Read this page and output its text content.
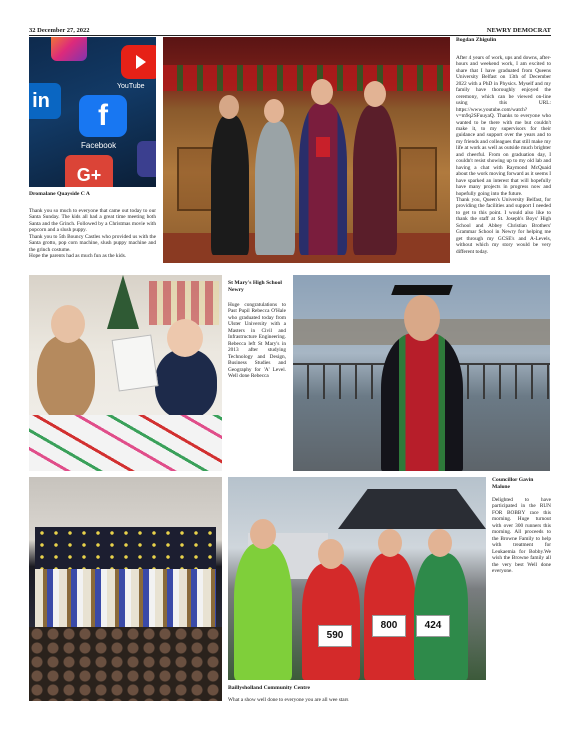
32 December 27, 2022	NEWRY DEMOCRAT
YouTube
in	f
Facebook
G+
Dromalane Quayside C A

Thank you so much to everyone that came out today to our Santa Sunday. The kids all had a great time meeting both Santa and the Grinch. Followed by a Christmas movie with popcorn and a slush puppy.

Thank you to 5th Bouncy Castles who provided us with the Santa grotto, pop corn machine, slush puppy machine and the grinch costume.

Hope the parents had as much fun as the kids.

Bogdan Zhigulin

After 4 years of work, ups and downs, after-hours and weekend work, I am excited to share that I have graduated from Queens University Belfast on 13th of December 2022 with a PhD in Physics. Myself and my family have thoroughly enjoyed the ceremony, which can be viewed on-line using this URL: https://www.youtube.com/watch?v=m9q2SFuuyaQ. Thanks to everyone who wanted to be there with me but couldn't make it, to my supervisors for their guidance and support over the years and to my friends and colleagues that still make my life at work as well as outside much brighter and cheerful. From on graduation day, I couldn't resist showing up to my old lab and having a chat with Raymond McQuaid about the work moving forward as it seems I have sparked an interest that will hopefully have many projects in progress now and hopefully going into the future.

Thank you, Queen's University Belfast, for providing the facilities and support I needed to get to this point. I would also like to thank the staff at St. Joseph's Boys' High School and Abbey Christian Brothers' Grammar School in Newry for helping me get through my GCSE's and A-Levels, without which my story would be very different today.

St Mary's High School Newry

Huge congratulations to Past Pupil Rebecca O'Hale who graduated today from Ulster University with a Masters in Civil and Infrastructure Engineering. Rebecca left St Mary's in 2013 after studying Technology and Design, Business Studies and Geography for 'A' Level. Well done Rebecca

Councillor Gavin Malone

Delighted to have participated in the RUN FOR BOBBY race this morning. Huge turnout with over 300 runners this morning. All proceeds to the Browne Family to help with treatment for Leukaemia for Bobby.We wish the Browne family all the very best Well done everyone.

590
800	424
Baillysholland Community Centre

What a show well done to everyone you are all wee stars
